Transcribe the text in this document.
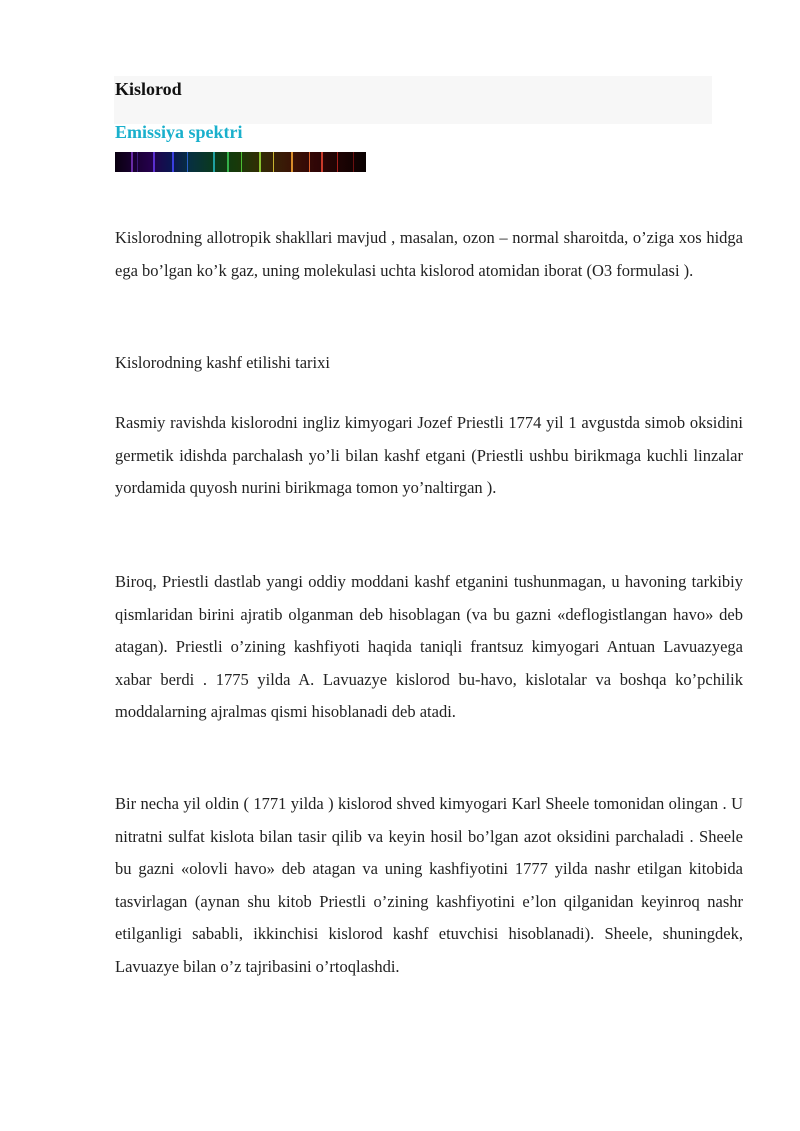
Kislorod
Emissiya spektri

Kislorodning allotropik shakllari mavjud , masalan, ozon – normal sharoitda, o’ziga xos hidga ega bo’lgan ko’k gaz, uning molekulasi uchta kislorod atomidan iborat (O3 formulasi ).

Kislorodning kashf etilishi tarixi

Rasmiy ravishda kislorodni ingliz kimyogari Jozef Priestli 1774 yil 1 avgustda simob oksidini germetik idishda parchalash yo’li bilan kashf etgani (Priestli ushbu birikmaga kuchli linzalar yordamida quyosh nurini birikmaga tomon yo’naltirgan ).

Biroq, Priestli dastlab yangi oddiy moddani kashf etganini tushunmagan, u havoning tarkibiy qismlaridan birini ajratib olganman deb hisoblagan (va bu gazni «deflogistlangan havo» deb atagan). Priestli o’zining kashfiyoti haqida taniqli frantsuz kimyogari Antuan Lavuazyega xabar berdi . 1775 yilda A. Lavuazye kislorod bu-havo, kislotalar va boshqa ko’pchilik moddalarning ajralmas qismi hisoblanadi deb atadi.

Bir necha yil oldin ( 1771 yilda ) kislorod shved kimyogari Karl Sheele tomonidan olingan . U nitratni sulfat kislota bilan tasir qilib va keyin hosil bo’lgan azot oksidini parchaladi . Sheele bu gazni «olovli havo» deb atagan va uning kashfiyotini 1777 yilda nashr etilgan kitobida tasvirlagan (aynan shu kitob Priestli o’zining kashfiyotini e’lon qilganidan keyinroq nashr etilganligi sababli, ikkinchisi kislorod kashf etuvchisi hisoblanadi). Sheele, shuningdek, Lavuazye bilan o’z tajribasini o’rtoqlashdi.
